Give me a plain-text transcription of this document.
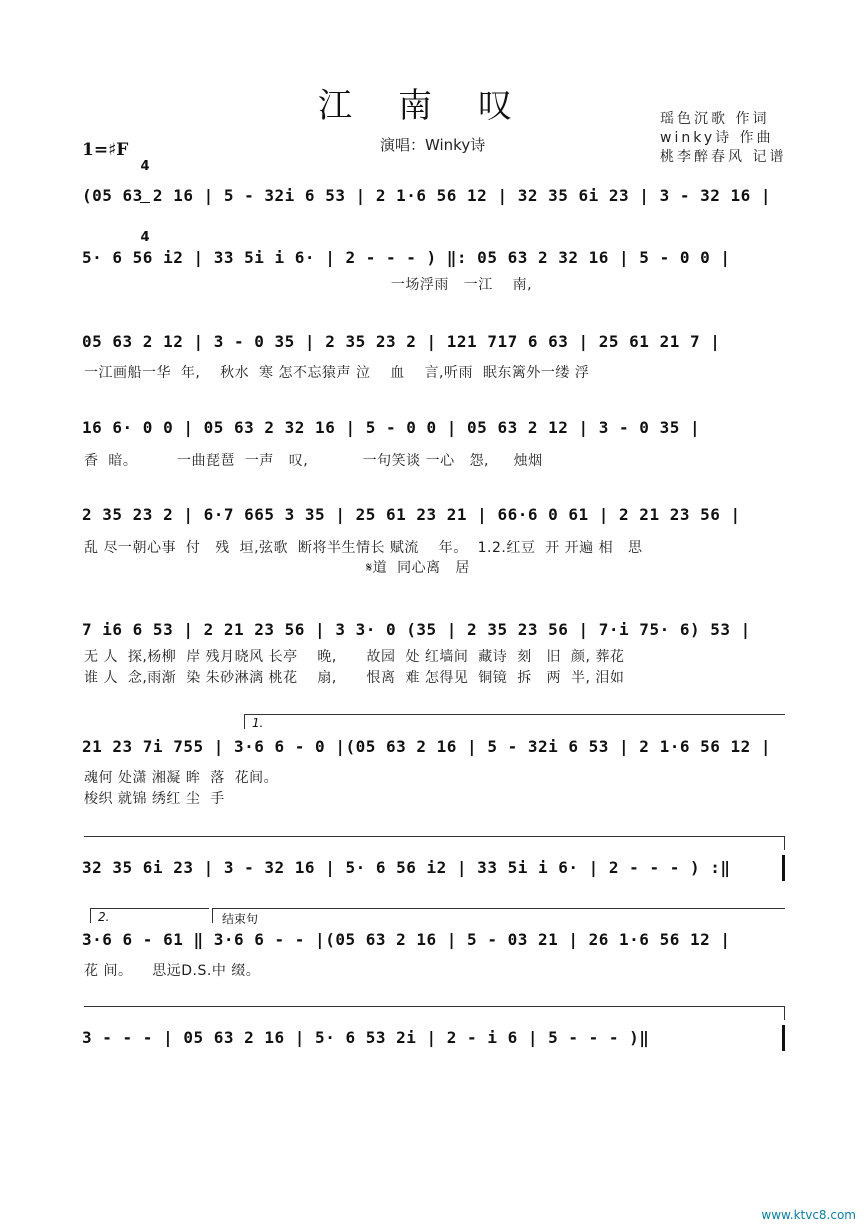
江南叹	瑶色沉歌 作词
winky诗 作曲
桃李醉春风 记谱
1=♯F

4

4

演唱：Winky诗
(05 63 2 16 | 5 - 32i 6 53 | 2 1·6 56 12 | 32 35 6i 23 | 3 - 32 16 |
5· 6 56 i2 | 33 5i i 6· | 2 - - - ) ‖: 05 63 2 32 16 | 5 - 0 0 |
一场浮雨   一江    南,
05 63 2 12 | 3 - 0 35 | 2 35 23 2 | 121 717 6 63 | 25 61 21 7 |
一江画船一华  年,    秋水  寒 怎不忘猿声 泣    血    言,听雨  眠东篱外一缕 浮
16 6· 0 0 | 05 63 2 32 16 | 5 - 0 0 | 05 63 2 12 | 3 - 0 35 |
香  暗。        一曲琵琶  一声   叹,           一句笑谈 一心   怨,     烛烟
2 35 23 2 | 6·7 665 3 35 | 25 61 23 21 | 66·6 0 61 | 2 21 23 56 |
乱 尽一朝心事  付   残  垣,弦歌  断将半生情长 赋流    年。  1.2.红豆  开 开遍 相   思
𝄋道  同心离   居
7 i6 6 53 | 2 21 23 56 | 3 3· 0 (35 | 2 35 23 56 | 7·i 75· 6) 53 |
无 人  探,杨柳  岸 残月晓风 长亭    晚,      故园  处 红墙间  藏诗  刻   旧  颜, 葬花
谁 人  念,雨渐  染 朱砂淋漓 桃花    扇,      恨离  难 怎得见  铜镜  拆   两  半, 泪如
1.
21 23 7i 755 | 3·6 6 - 0 |(05 63 2 16 | 5 - 32i 6 53 | 2 1·6 56 12 |
魂何 处潇 湘凝 眸  落  花间。
梭织 就锦 绣红 尘  手
32 35 6i 23 | 3 - 32 16 | 5· 6 56 i2 | 33 5i i 6· | 2 - - - ) :‖
2.	结束句
3·6 6 - 61 ‖ 3·6 6 - - |(05 63 2 16 | 5 - 03 21 | 26 1·6 56 12 |
花 间。    思远D.S.中 缀。
3 - - - | 05 63 2 16 | 5· 6 53 2i | 2 - i 6 | 5 - - - )‖
www.ktvc8.com
